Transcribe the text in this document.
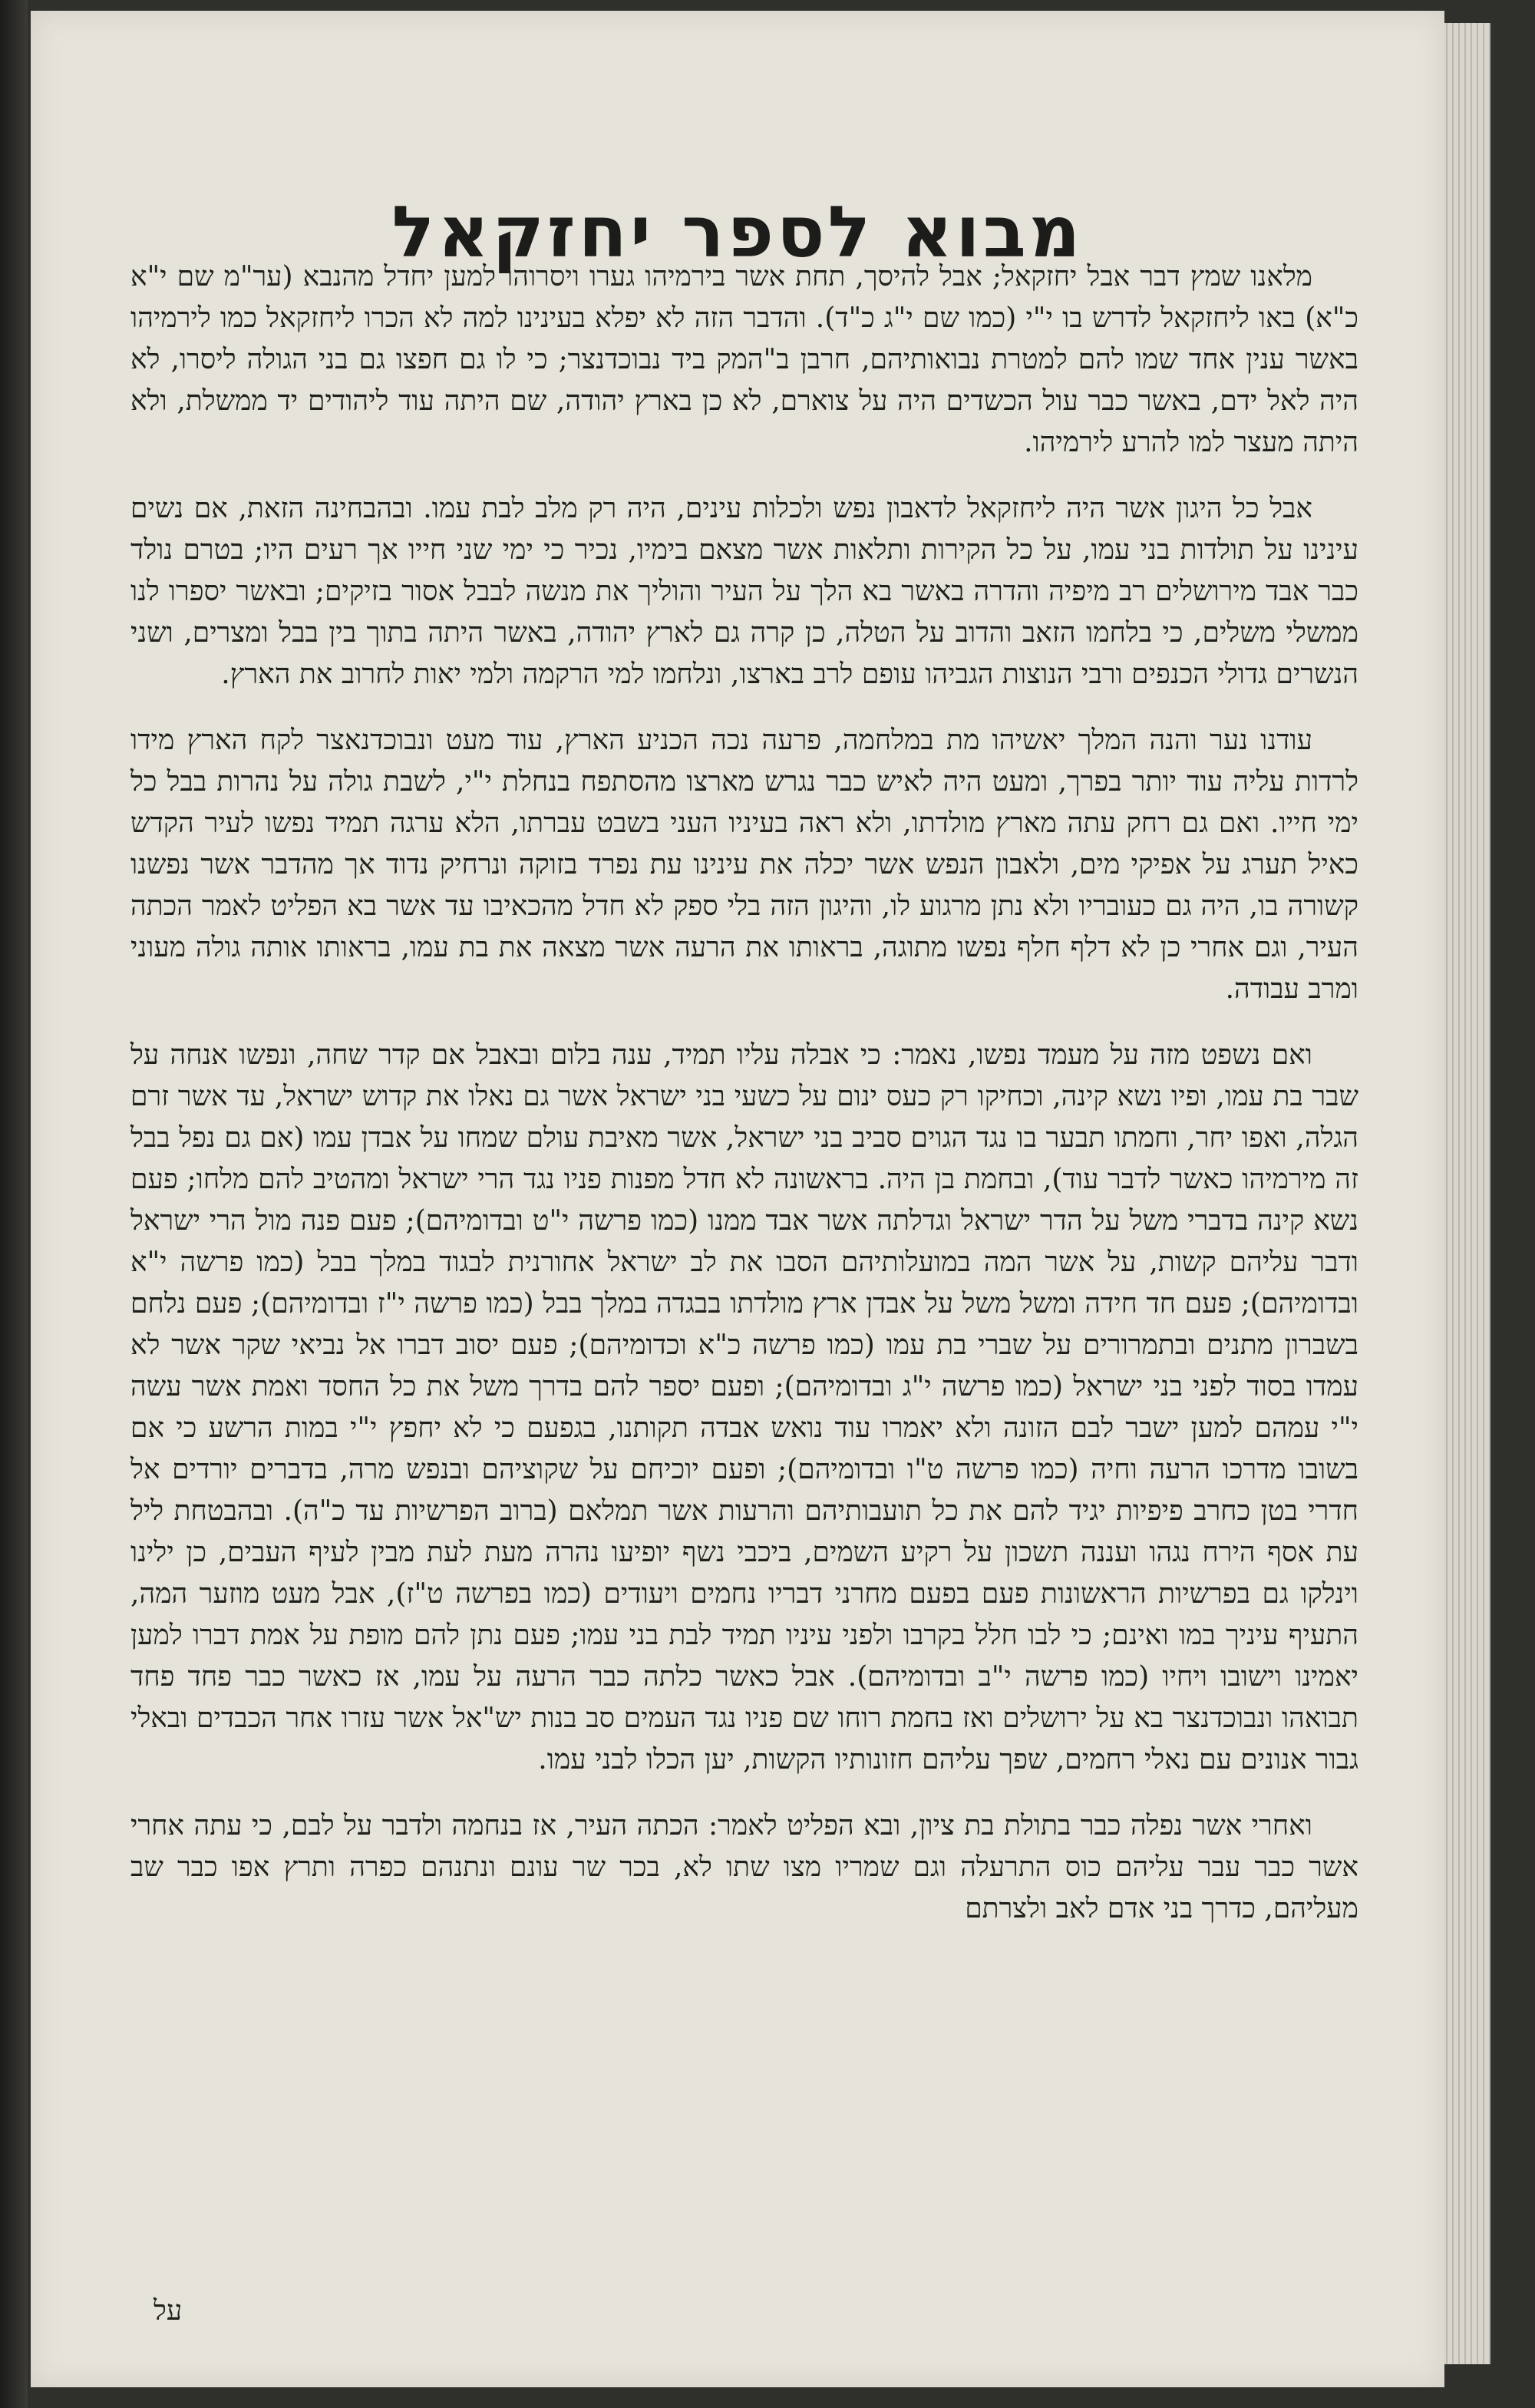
מבוא לספר יחזקאל

מלאנו שמץ דבר אבל יחזקאל; אבל להיסך, תחת אשר בירמיהו גערו ויסרוהו למען יחדל מהנבא (ער"מ שם י"א כ"א) באו ליחזקאל לדרש בו י"י (כמו שם י"ג כ"ד). והדבר הזה לא יפלא בעינינו למה לא הכרו ליחזקאל כמו לירמיהו באשר ענין אחד שמו להם למטרת נבואותיהם, חרבן ב"המק ביד נבוכדנצר; כי לו גם חפצו גם בני הגולה ליסרו, לא היה לאל ידם, באשר כבר עול הכשדים היה על צוארם, לא כן בארץ יהודה, שם היתה עוד ליהודים יד ממשלת, ולא היתה מעצר למו להרע לירמיהו.

אבל כל היגון אשר היה ליחזקאל לדאבון נפש ולכלות עינים, היה רק מלב לבת עמו. ובהבחינה הזאת, אם נשים עינינו על תולדות בני עמו, על כל הקירות ותלאות אשר מצאם בימיו, נכיר כי ימי שני חייו אך רעים היו; בטרם נולד כבר אבד מירושלים רב מיפיה והדרה באשר בא הלך על העיר והוליך את מנשה לבבל אסור בזיקים; ובאשר יספרו לנו ממשלי משלים, כי בלחמו הזאב והדוב על הטלה, כן קרה גם לארץ יהודה, באשר היתה בתוך בין בבל ומצרים, ושני הנשרים גדולי הכנפים ורבי הנוצות הגביהו עופם לרב בארצו, ונלחמו למי הרקמה ולמי יאות לחרוב את הארץ.

עודנו נער והנה המלך יאשיהו מת במלחמה, פרעה נכה הכניע הארץ, עוד מעט ונבוכדנאצר לקח הארץ מידו לרדות עליה עוד יותר בפרך, ומעט היה לאיש כבר נגרש מארצו מהסתפח בנחלת י"י, לשבת גולה על נהרות בבל כל ימי חייו. ואם גם רחק עתה מארץ מולדתו, ולא ראה בעיניו העני בשבט עברתו, הלא ערגה תמיד נפשו לעיר הקדש כאיל תערג על אפיקי מים, ולאבון הנפש אשר יכלה את עינינו עת נפרד בזוקה ונרחיק נדוד אך מהדבר אשר נפשנו קשורה בו, היה גם כעובריו ולא נתן מרגוע לו, והיגון הזה בלי ספק לא חדל מהכאיבו עד אשר בא הפליט לאמר הכתה העיר, וגם אחרי כן לא דלף חלף נפשו מתוגה, בראותו את הרעה אשר מצאה את בת עמו, בראותו אותה גולה מעוני ומרב עבודה.

ואם נשפט מזה על מעמד נפשו, נאמר: כי אבלה עליו תמיד, ענה בלום ובאבל אם קדר שחה, ונפשו אנחה על שבר בת עמו, ופיו נשא קינה, וכחיקו רק כעס ינום על כשעי בני ישראל אשר גם נאלו את קדוש ישראל, עד אשר זרם הגלה, ואפו יחר, וחמתו תבער בו נגד הגוים סביב בני ישראל, אשר מאיבת עולם שמחו על אבדן עמו (אם גם נפל בבל זה מירמיהו כאשר לדבר עוד), ובחמת בן היה. בראשונה לא חדל מפנות פניו נגד הרי ישראל ומהטיב להם מלחו; פעם נשא קינה בדברי משל על הדר ישראל וגדלתה אשר אבד ממנו (כמו פרשה י"ט ובדומיהם); פעם פנה מול הרי ישראל ודבר עליהם קשות, על אשר המה במועלותיהם הסבו את לב ישראל אחורנית לבגוד במלך בבל (כמו פרשה י"א ובדומיהם); פעם חד חידה ומשל משל על אבדן ארץ מולדתו בבגדה במלך בבל (כמו פרשה י"ז ובדומיהם); פעם נלחם בשברון מתנים ובתמרורים על שברי בת עמו (כמו פרשה כ"א וכדומיהם); פעם יסוב דברו אל נביאי שקר אשר לא עמדו בסוד לפני בני ישראל (כמו פרשה י"ג ובדומיהם); ופעם יספר להם בדרך משל את כל החסד ואמת אשר עשה י"י עמהם למען ישבר לבם הזונה ולא יאמרו עוד נואש אבדה תקותנו, בגפעם כי לא יחפץ י"י במות הרשע כי אם בשובו מדרכו הרעה וחיה (כמו פרשה ט"ו ובדומיהם); ופעם יוכיחם על שקוציהם ובנפש מרה, בדברים יורדים אל חדרי בטן כחרב פיפיות יגיד להם את כל תועבותיהם והרעות אשר תמלאם (ברוב הפרשיות עד כ"ה). ובהבטחת ליל עת אסף הירח נגהו ועננה תשכון על רקיע השמים, ביכבי נשף יופיעו נהרה מעת לעת מבין לעיף העבים, כן ילינו וינלקו גם בפרשיות הראשונות פעם בפעם מחרני דבריו נחמים ויעודים (כמו בפרשה ט"ז), אבל מעט מוזער המה, התעיף עיניך במו ואינם; כי לבו חלל בקרבו ולפני עיניו תמיד לבת בני עמו; פעם נתן להם מופת על אמת דברו למען יאמינו וישובו ויחיו (כמו פרשה י"ב ובדומיהם). אבל כאשר כלתה כבר הרעה על עמו, אז כאשר כבר פחד פחד תבואהו ונבוכדנצר בא על ירושלים ואז בחמת רוחו שם פניו נגד העמים סב בנות יש"אל אשר עזרו אחר הכבדים ובאלי גבור אנונים עם נאלי רחמים, שפך עליהם חזונותיו הקשות, יען הכלו לבני עמו.

ואחרי אשר נפלה כבר בתולת בת ציון, ובא הפליט לאמר: הכתה העיר, אז בנחמה ולדבר על לבם, כי עתה אחרי אשר כבר עבר עליהם כוס התרעלה וגם שמריו מצו שתו לא, בכר שר עונם ונתנהם כפרה ותרץ אפו כבר שב מעליהם, כדרך בני אדם לאב ולצרתם

על
